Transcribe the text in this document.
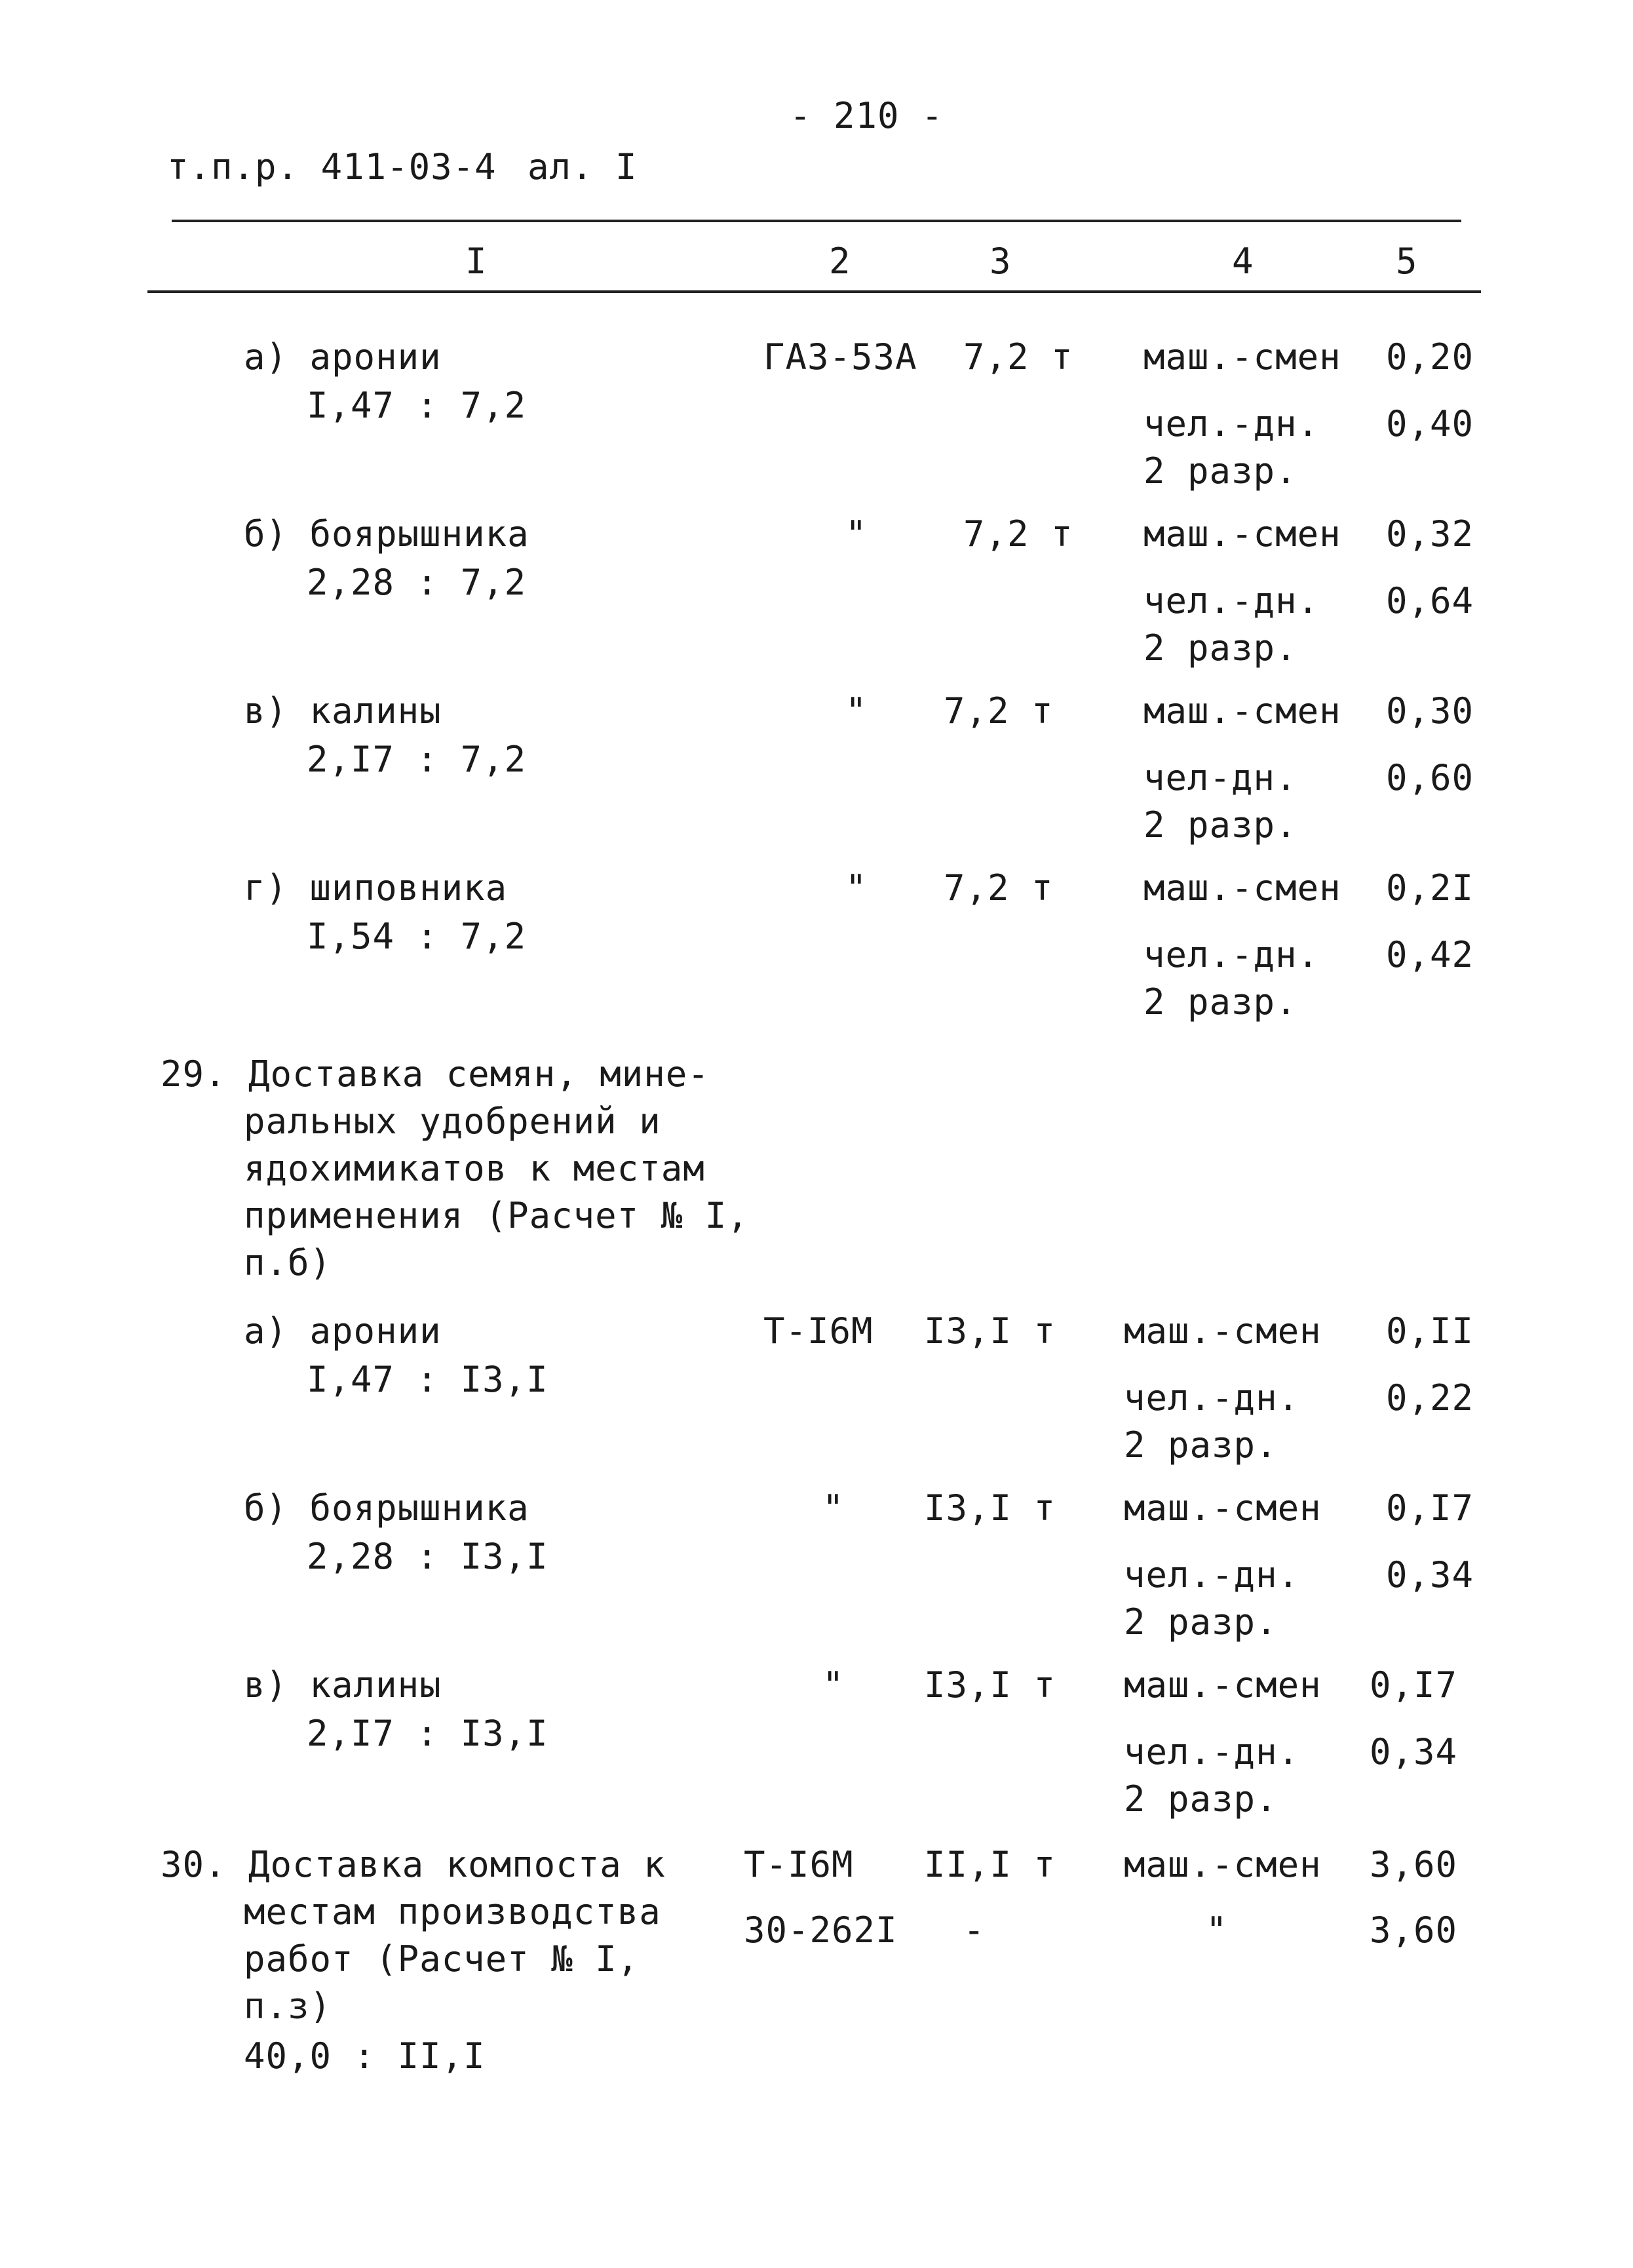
- 210 -
т.п.р. 411-03-4 ал. I
I	2	3	4	5
а) аронии
I,47 : 7,2
ГАЗ-53А 7,2 т маш.-смен 0,20
чел.-дн. 0,40
2 разр.
б) боярышника
2,28 : 7,2
"	7,2 т маш.-смен 0,32
чел.-дн. 0,64
2 разр.
в) калины
2,I7 : 7,2
" 7,2 т	маш.-смен 0,30
чел-дн.	0,60
2 разр.
г) шиповника
I,54 : 7,2
" 7,2 т	маш.-смен 0,2I
чел.-дн. 0,42
2 разр.
29. Доставка семян, мине-
ральных удобрений и
ядохимикатов к местам
применения (Расчет № I,
п.б)
а) аронии
I,47 : I3,I
Т-I6М I3,I т маш.-смен 0,II
чел.-дн. 0,22
2 разр.
б) боярышника
2,28 : I3,I
" I3,I т маш.-смен 0,I7
чел.-дн. 0,34
2 разр.
в) калины
2,I7 : I3,I
" I3,I т маш.-смен 0,I7
чел.-дн. 0,34
2 разр.
30. Доставка компоста к
местам производства
работ (Расчет № I,
п.з)
40,0 : II,I
Т-I6М II,I т маш.-смен 3,60
30-262I -	"	3,60
